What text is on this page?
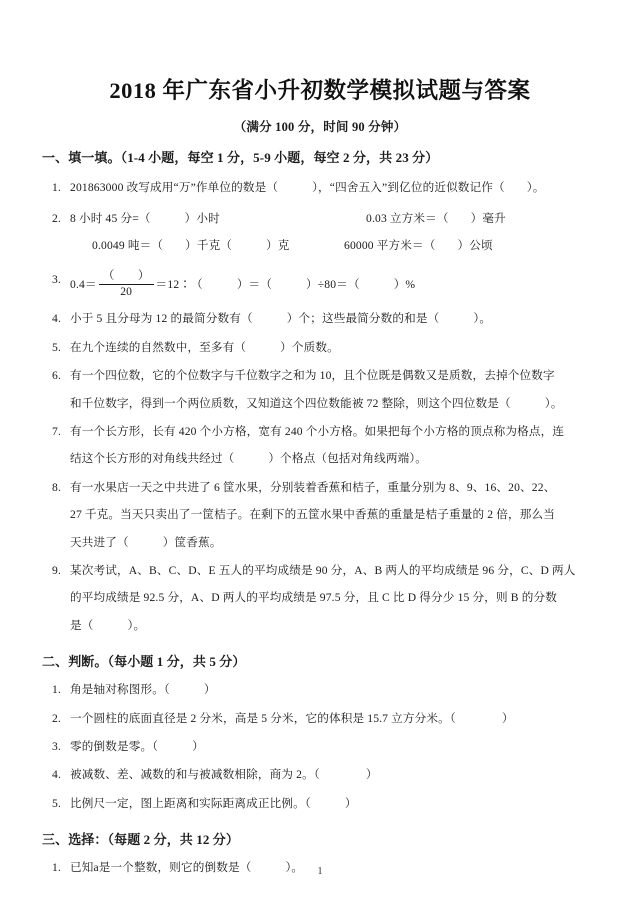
2018 年广东省小升初数学模拟试题与答案
（满分 100 分，时间 90 分钟）
一、填一填。（1-4 小题，每空 1 分，5-9 小题，每空 2 分，共 23 分）
1. 201863000 改写成用“万”作单位的数是（	），“四舍五入”到亿位的近似数记作（ ）。
2. 8 小时 45 分=（	）小时	0.03 立方米＝（ ）毫升
0.0049 吨＝（ ）千克（	）克	60000 平方米＝（ ）公顷
3. $0.4= \frac{( )}{20}$ ＝12∶（	）＝（	）÷80＝（	）%
4. 小于 5 且分母为 12 的最简分数有（	）个；这些最简分数的和是（	）。
5. 在九个连续的自然数中，至多有（	）个质数。
6. 有一个四位数，它的个位数字与千位数字之和为 10，且个位既是偶数又是质数，去掉个位数字
和千位数字，得到一个两位质数，又知道这个四位数能被 72 整除，则这个四位数是（	）。
7. 有一个长方形，长有 420 个小方格，宽有 240 个小方格。如果把每个小方格的顶点称为格点，连
结这个长方形的对角线共经过（	）个格点（包括对角线两端）。
8. 有一水果店一天之中共进了 6 筐水果，分别装着香蕉和桔子，重量分别为 8、9、16、20、22、
27 千克。当天只卖出了一筐桔子。在剩下的五筐水果中香蕉的重量是桔子重量的 2 倍，那么当
天共进了（	）筐香蕉。
9. 某次考试，A、B、C、D、E 五人的平均成绩是 90 分，A、B 两人的平均成绩是 96 分，C、D 两人
的平均成绩是 92.5 分，A、D 两人的平均成绩是 97.5 分，且 C 比 D 得分少 15 分，则 B 的分数
是（	）。
二、判断。（每小题 1 分，共 5 分）
1. 角是轴对称图形。（	）
2. 一个圆柱的底面直径是 2 分米，高是 5 分米，它的体积是 15.7 立方分米。（	）
3. 零的倒数是零。（	）
4. 被减数、差、减数的和与被减数相除，商为 2。（	）
5. 比例尺一定，图上距离和实际距离成正比例。（	）
三、选择：（每题 2 分，共 12 分）
1. 已知a是一个整数，则它的倒数是（	）。	1
